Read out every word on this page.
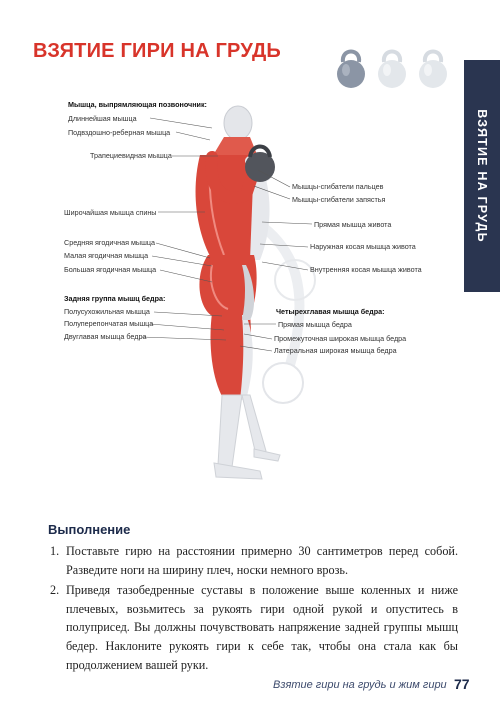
ВЗЯТИЕ ГИРИ НА ГРУДЬ
ВЗЯТИЕ НА ГРУДЬ
Мышца, выпрямляющая позвоночник:
Длиннейшая мышца
Подвздошно-реберная мышца
Трапециевидная мышца
Мышцы-сгибатели пальцев
Мышцы-сгибатели запястья
Прямая мышца живота
Широчайшая мышца спины
Наружная косая мышца живота
Средняя ягодичная мышца
Малая ягодичная мышца
Внутренняя косая мышца живота
Большая ягодичная мышца
Задняя группа мышц бедра:
Полусухожильная мышца	Четырехглавая мышца бедра:
Полуперепончатая мышца	Прямая мышца бедра
Двуглавая мышца бедра	Промежуточная широкая мышца бедра
Латеральная широкая мышца бедра
Выполнение
1. Поставьте гирю на расстоянии примерно 30 сантиметров перед собой. Разведите ноги на ширину плеч, носки немного врозь.
2. Приведя тазобедренные суставы в положение выше коленных и ниже плечевых, возьмитесь за рукоять гири одной рукой и опуститесь в полуприсед. Вы должны почувствовать напряжение задней группы мышц бедер. Наклоните рукоять гири к себе так, чтобы она стала как бы продолжением вашей руки.
Взятие гири на грудь и жим гири 77
